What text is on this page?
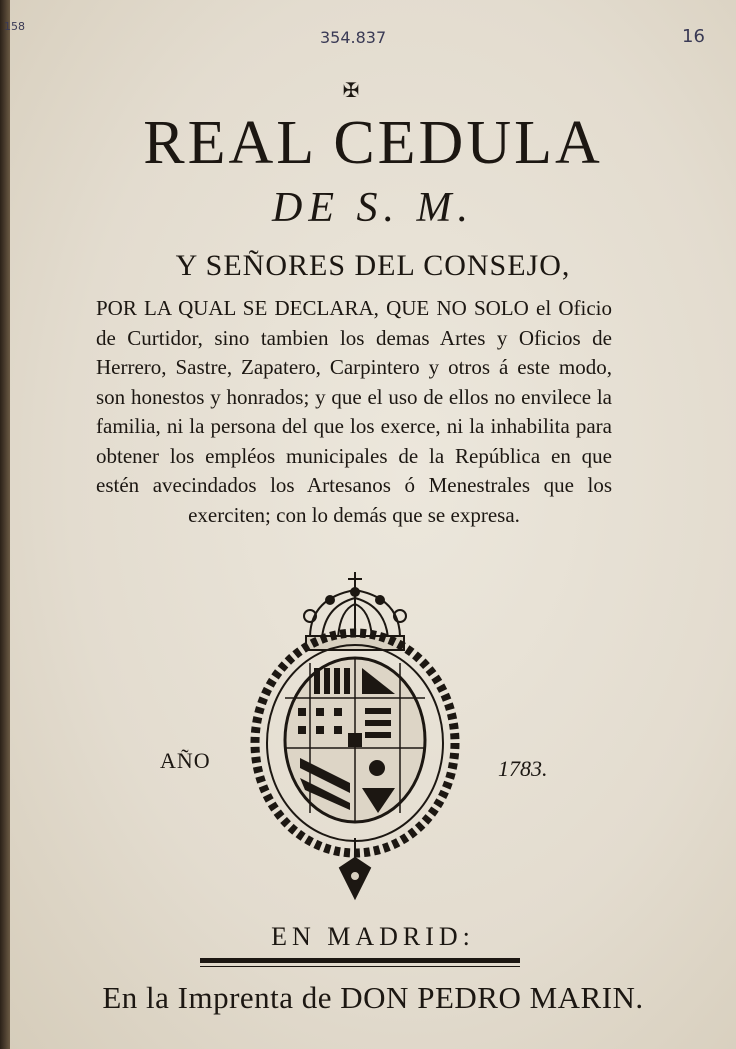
158
354.837	16
✠
REAL CEDULA
DE S. M.
Y SEÑORES DEL CONSEJO,
POR LA QUAL SE DECLARA, QUE NO SOLO el Oficio de Curtidor, sino tambien los demas Artes y Oficios de Herrero, Sastre, Zapatero, Carpintero y otros á este modo, son honestos y honrados; y que el uso de ellos no envilece la familia, ni la persona del que los exerce, ni la inhabilita para obtener los empléos municipales de la República en que estén avecindados los Artesanos ó Menestrales que los exerciten; con lo demás que se expresa.
AÑO	1783.
EN MADRID:
En la Imprenta de DON PEDRO MARIN.
